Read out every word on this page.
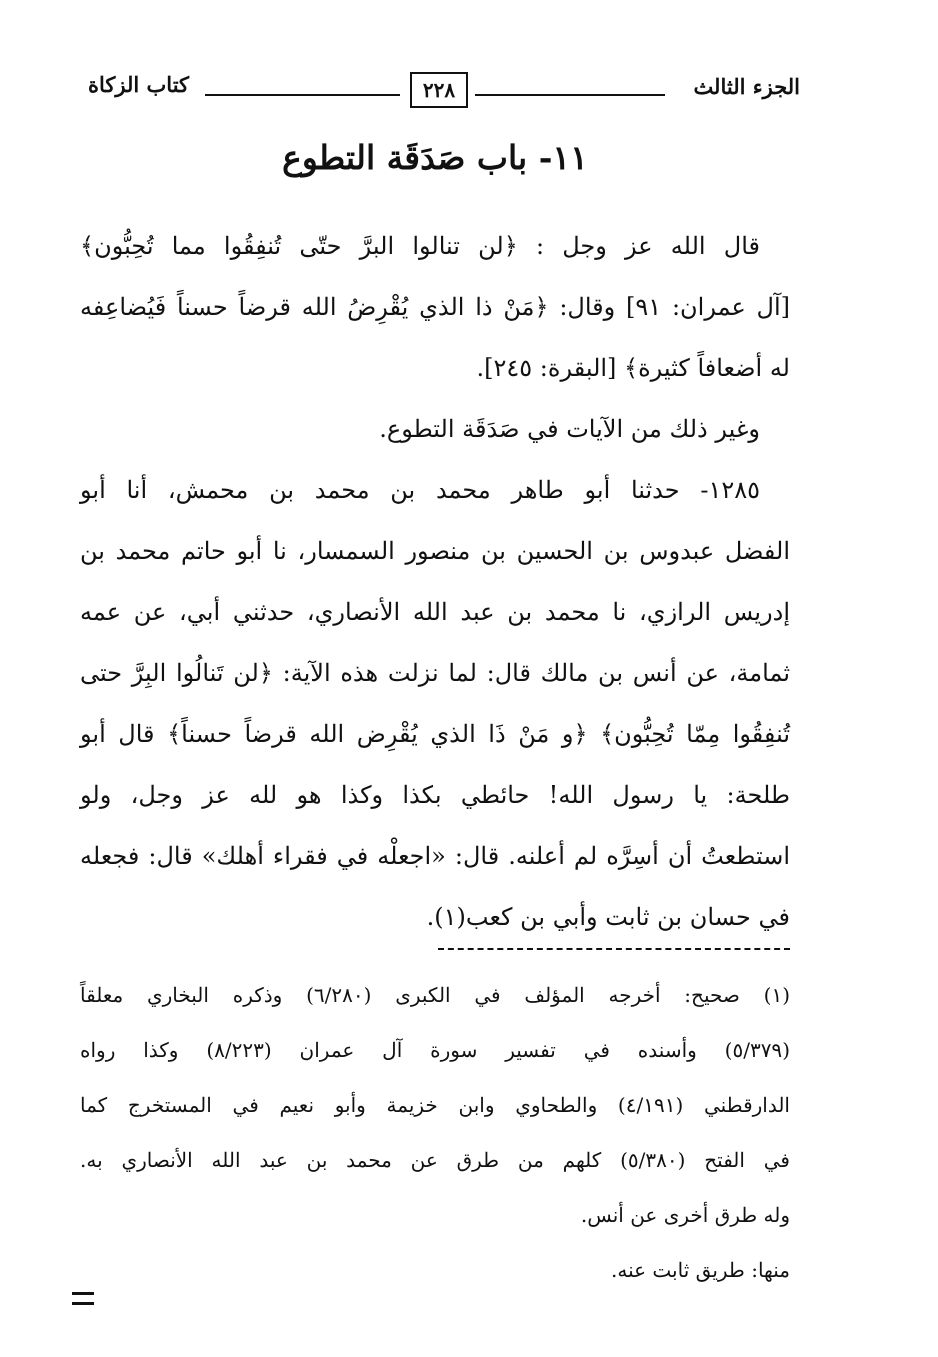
الجزء الثالث
٢٢٨
كتاب الزكاة
١١- باب صَدَقَة التطوع
قال الله عز وجل : ﴿لن تنالوا البرَّ حتّى تُنفِقُوا مما تُحِبُّون﴾
[آل عمران: ٩١] وقال: ﴿مَنْ ذا الذي يُقْرِضُ الله قرضاً حسناً فَيُضاعِفه
له أضعافاً كثيرة﴾ [البقرة: ٢٤٥].
وغير ذلك من الآيات في صَدَقَة التطوع.
١٢٨٥- حدثنا أبو طاهر محمد بن محمد بن محمش، أنا أبو
الفضل عبدوس بن الحسين بن منصور السمسار، نا أبو حاتم محمد بن
إدريس الرازي، نا محمد بن عبد الله الأنصاري، حدثني أبي، عن عمه
ثمامة، عن أنس بن مالك قال: لما نزلت هذه الآية: ﴿لن تَنالُوا البِرَّ حتى
تُنفِقُوا مِمّا تُحِبُّون﴾ ﴿و مَنْ ذَا الذي يُقْرِض الله قرضاً حسناً﴾ قال أبو
طلحة: يا رسول الله! حائطي بكذا وكذا هو لله عز وجل، ولو
استطعتُ أن أسِرَّه لم أعلنه. قال: «اجعلْه في فقراء أهلك» قال: فجعله
في حسان بن ثابت وأبي بن كعب(١).
(١) صحيح: أخرجه المؤلف في الكبرى (٦/٢٨٠) وذكره البخاري معلقاً
(٥/٣٧٩) وأسنده في تفسير سورة آل عمران (٨/٢٢٣) وكذا رواه
الدارقطني (٤/١٩١) والطحاوي وابن خزيمة وأبو نعيم في المستخرج كما
في الفتح (٥/٣٨٠) كلهم من طرق عن محمد بن عبد الله الأنصاري به.
وله طرق أخرى عن أنس.
منها: طريق ثابت عنه.
